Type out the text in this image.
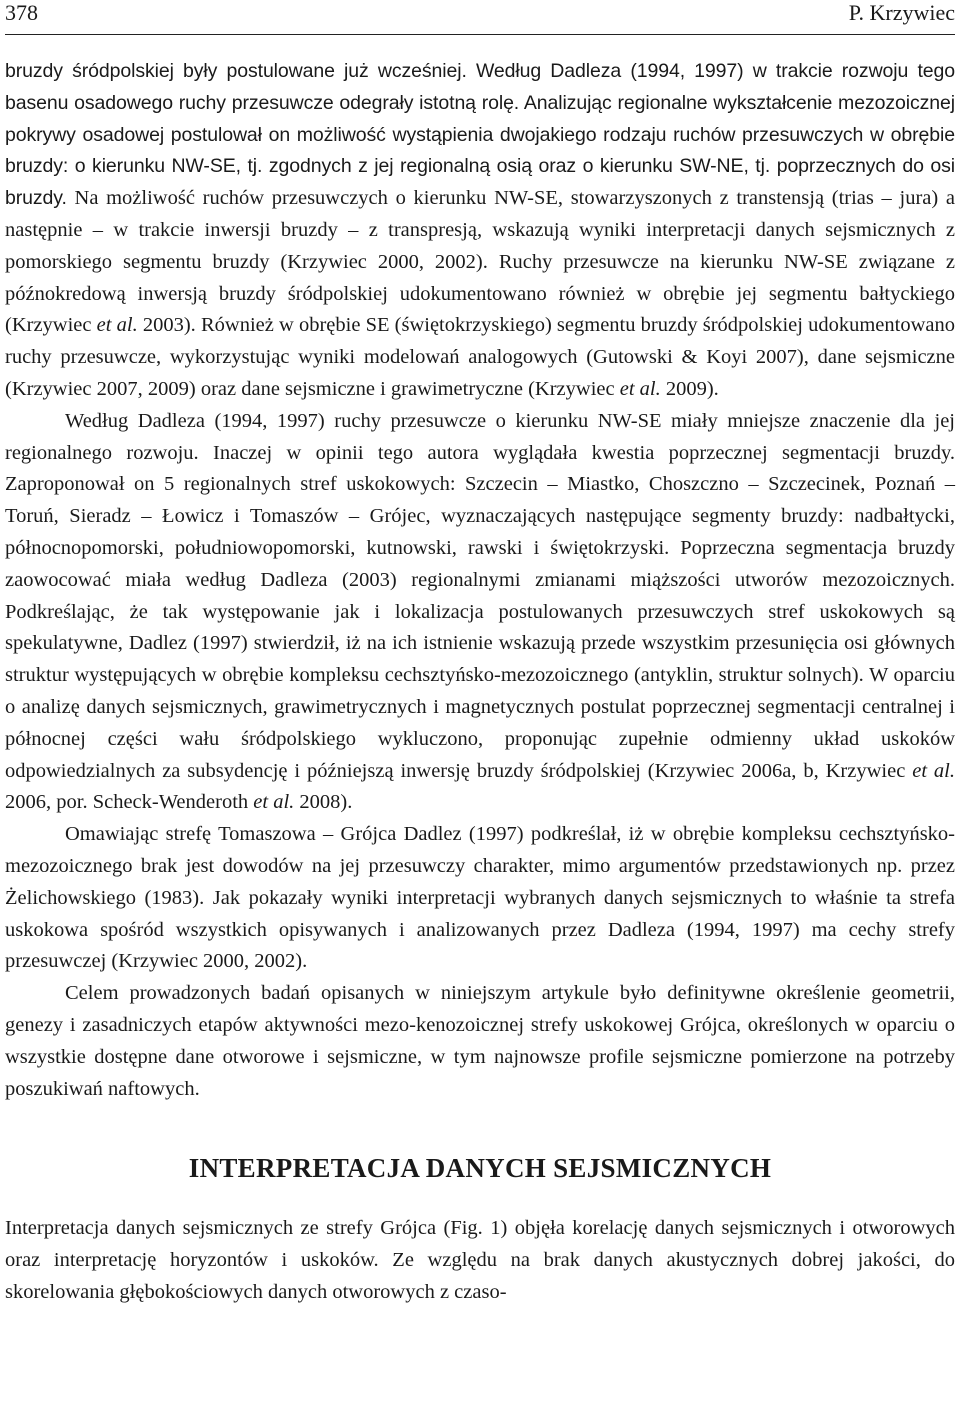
378	P. Krzywiec

bruzdy śródpolskiej były postulowane już wcześniej. Według Dadleza (1994, 1997) w trakcie rozwoju tego basenu osadowego ruchy przesuwcze odegrały istotną rolę. Analizując regionalne wykształcenie mezozoicznej pokrywy osadowej postulował on możliwość wystąpienia dwojakiego rodzaju ruchów przesuwczych w obrębie bruzdy: o kierunku NW-SE, tj. zgodnych z jej regionalną osią oraz o kierunku SW-NE, tj. poprzecznych do osi bruzdy. Na możliwość ruchów przesuwczych o kierunku NW-SE, stowarzyszonych z transtensją (trias – jura) a następnie – w trakcie inwersji bruzdy – z transpresją, wskazują wyniki interpretacji danych sejsmicznych z pomorskiego segmentu bruzdy (Krzywiec 2000, 2002). Ruchy przesuwcze na kierunku NW-SE związane z późnokredową inwersją bruzdy śródpolskiej udokumentowano również w obrębie jej segmentu bałtyckiego (Krzywiec et al. 2003). Również w obrębie SE (świętokrzyskiego) segmentu bruzdy śródpolskiej udokumentowano ruchy przesuwcze, wykorzystując wyniki modelowań analogowych (Gutowski & Koyi 2007), dane sejsmiczne (Krzywiec 2007, 2009) oraz dane sejsmiczne i grawimetryczne (Krzywiec et al. 2009).

Według Dadleza (1994, 1997) ruchy przesuwcze o kierunku NW-SE miały mniejsze znaczenie dla jej regionalnego rozwoju. Inaczej w opinii tego autora wyglądała kwestia poprzecznej segmentacji bruzdy. Zaproponował on 5 regionalnych stref uskokowych: Szczecin – Miastko, Choszczno – Szczecinek, Poznań – Toruń, Sieradz – Łowicz i Tomaszów – Grójec, wyznaczających następujące segmenty bruzdy: nadbałtycki, północnopomorski, południowopomorski, kutnowski, rawski i świętokrzyski. Poprzeczna segmentacja bruzdy zaowocować miała według Dadleza (2003) regionalnymi zmianami miąższości utworów mezozoicznych. Podkreślając, że tak występowanie jak i lokalizacja postulowanych przesuwczych stref uskokowych są spekulatywne, Dadlez (1997) stwierdził, iż na ich istnienie wskazują przede wszystkim przesunięcia osi głównych struktur występujących w obrębie kompleksu cechsztyńsko-mezozoicznego (antyklin, struktur solnych). W oparciu o analizę danych sejsmicznych, grawimetrycznych i magnetycznych postulat poprzecznej segmentacji centralnej i północnej części wału śródpolskiego wykluczono, proponując zupełnie odmienny układ uskoków odpowiedzialnych za subsydencję i późniejszą inwersję bruzdy śródpolskiej (Krzywiec 2006a, b, Krzywiec et al. 2006, por. Scheck-Wenderoth et al. 2008).

Omawiając strefę Tomaszowa – Grójca Dadlez (1997) podkreślał, iż w obrębie kompleksu cechsztyńsko-mezozoicznego brak jest dowodów na jej przesuwczy charakter, mimo argumentów przedstawionych np. przez Żelichowskiego (1983). Jak pokazały wyniki interpretacji wybranych danych sejsmicznych to właśnie ta strefa uskokowa spośród wszystkich opisywanych i analizowanych przez Dadleza (1994, 1997) ma cechy strefy przesuwczej (Krzywiec 2000, 2002).

Celem prowadzonych badań opisanych w niniejszym artykule było definitywne określenie geometrii, genezy i zasadniczych etapów aktywności mezo-kenozoicznej strefy uskokowej Grójca, określonych w oparciu o wszystkie dostępne dane otworowe i sejsmiczne, w tym najnowsze profile sejsmiczne pomierzone na potrzeby poszukiwań naftowych.

INTERPRETACJA DANYCH SEJSMICZNYCH

Interpretacja danych sejsmicznych ze strefy Grójca (Fig. 1) objęła korelację danych sejsmicznych i otworowych oraz interpretację horyzontów i uskoków. Ze względu na brak danych akustycznych dobrej jakości, do skorelowania głębokościowych danych otworowych z czaso-
